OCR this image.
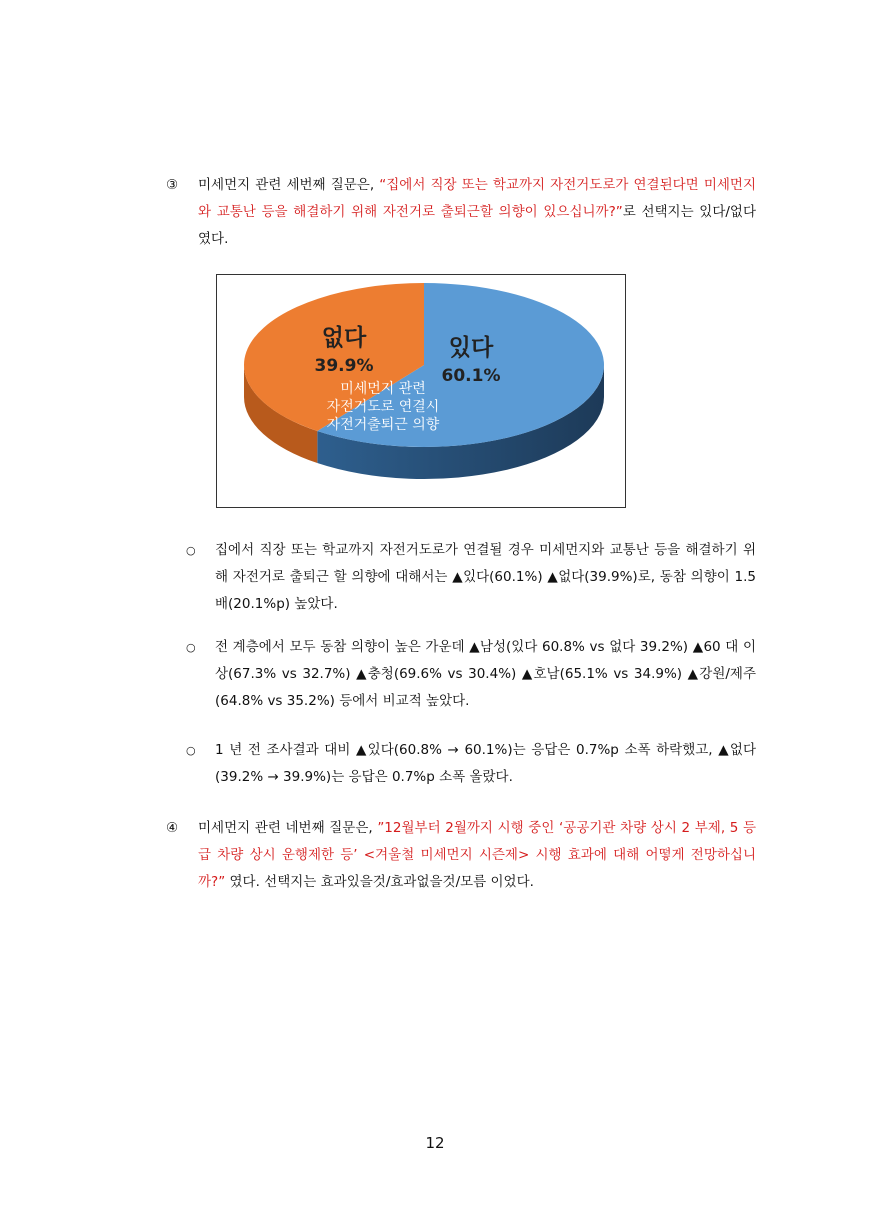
③ 미세먼지 관련 세번째 질문은, “집에서 직장 또는 학교까지 자전거도로가 연결된다면 미세먼지와 교통난 등을 해결하기 위해 자전거로 출퇴근할 의향이 있으십니까?”로 선택지는 있다/없다 였다.
있다
60.1%
없다
39.9%
미세먼지 관련
자전거도로 연결시
자전거출퇴근 의향
○ 집에서 직장 또는 학교까지 자전거도로가 연결될 경우 미세먼지와 교통난 등을 해결하기 위해 자전거로 출퇴근 할 의향에 대해서는 ▲있다(60.1%) ▲없다(39.9%)로, 동참 의향이 1.5 배(20.1%p) 높았다.
○ 전 계층에서 모두 동참 의향이 높은 가운데 ▲남성(있다 60.8% vs 없다 39.2%) ▲60 대 이상(67.3% vs 32.7%) ▲충청(69.6% vs 30.4%) ▲호남(65.1% vs 34.9%) ▲강원/제주(64.8% vs 35.2%) 등에서 비교적 높았다.
○ 1 년 전 조사결과 대비 ▲있다(60.8% → 60.1%)는 응답은 0.7%p 소폭 하락했고, ▲없다(39.2% → 39.9%)는 응답은 0.7%p 소폭 올랐다.
④ 미세먼지 관련 네번째 질문은, ”12월부터 2월까지 시행 중인 ‘공공기관 차량 상시 2 부제, 5 등급 차량 상시 운행제한 등’ <겨울철 미세먼지 시즌제> 시행 효과에 대해 어떻게 전망하십니까?” 였다. 선택지는 효과있을것/효과없을것/모름 이었다.
12
